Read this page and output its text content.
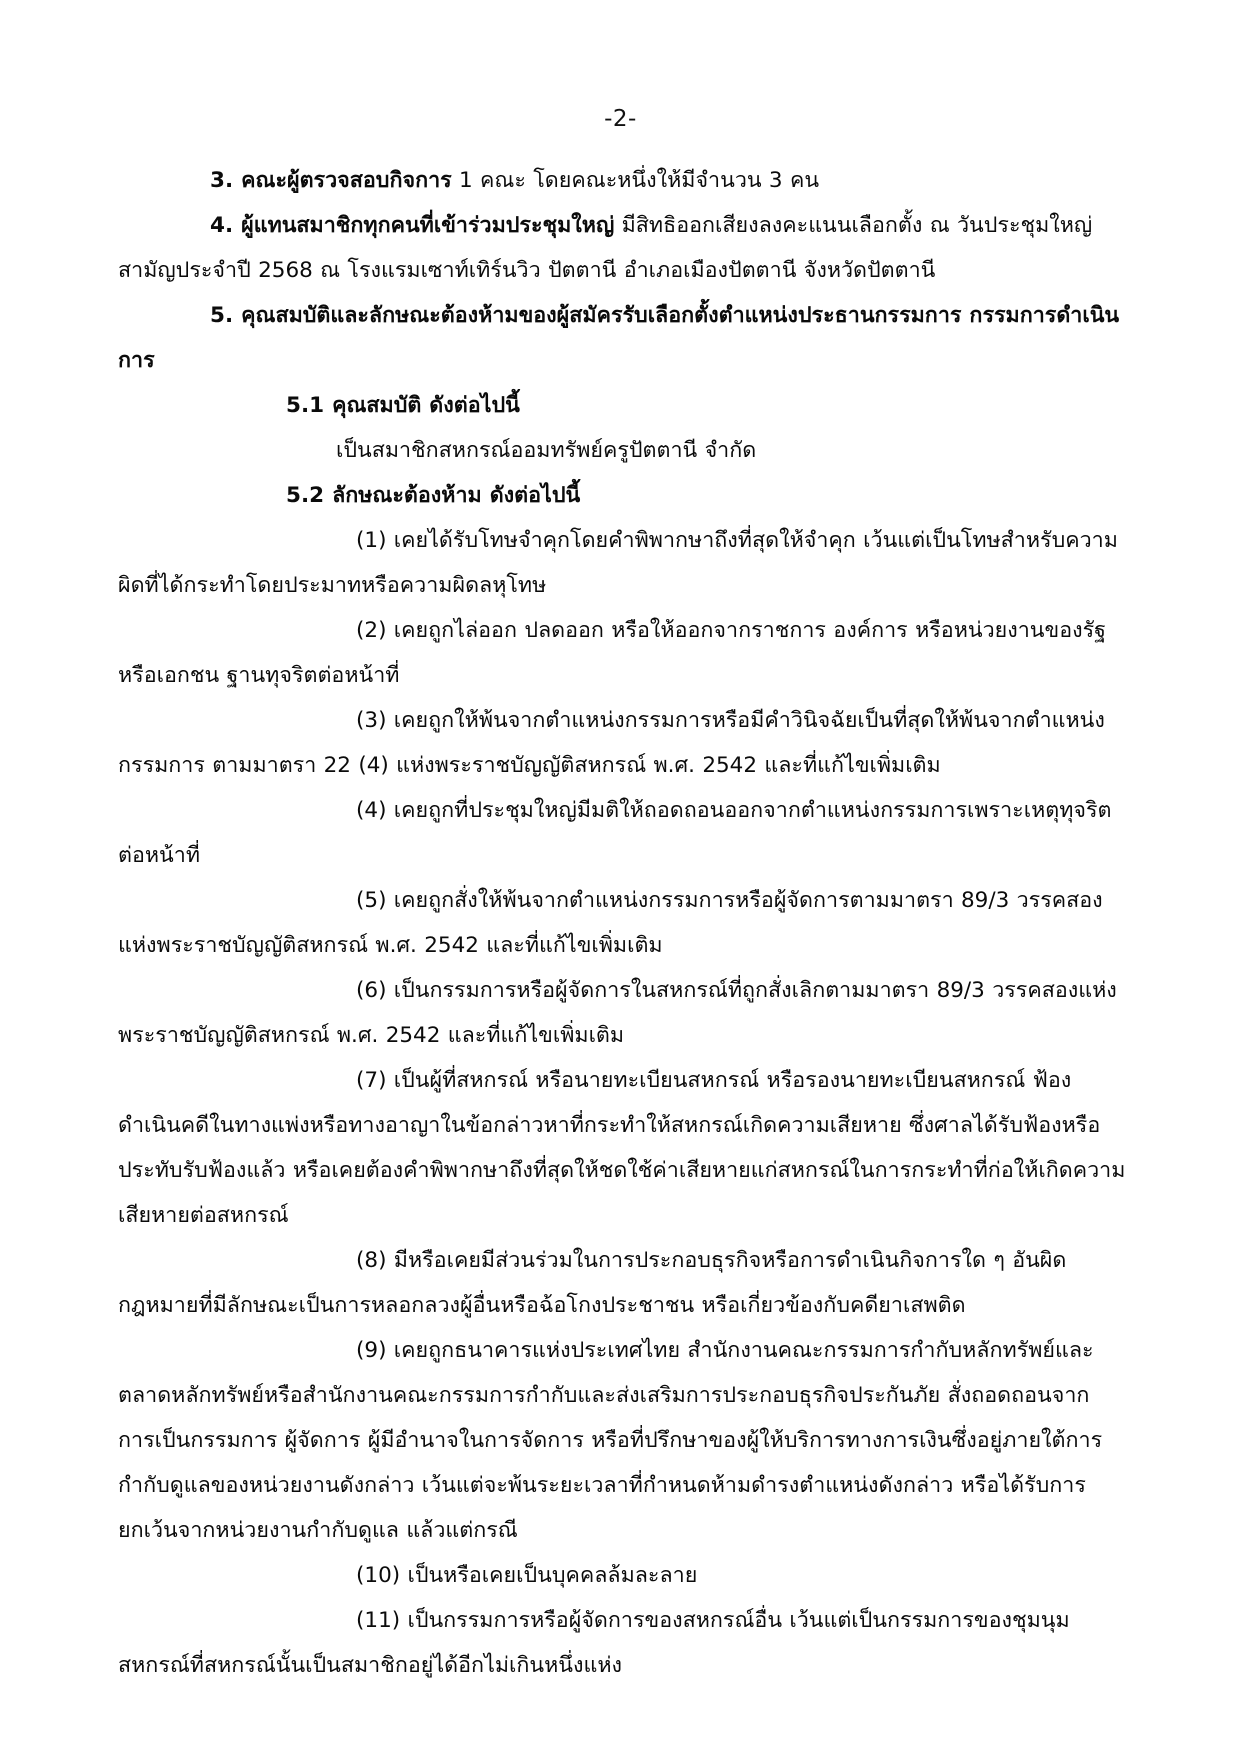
-2-

3. คณะผู้ตรวจสอบกิจการ 1 คณะ โดยคณะหนึ่งให้มีจำนวน 3 คน

4. ผู้แทนสมาชิกทุกคนที่เข้าร่วมประชุมใหญ่ มีสิทธิออกเสียงลงคะแนนเลือกตั้ง ณ วันประชุมใหญ่สามัญประจำปี 2568 ณ โรงแรมเซาท์เทิร์นวิว ปัตตานี อำเภอเมืองปัตตานี จังหวัดปัตตานี

5. คุณสมบัติและลักษณะต้องห้ามของผู้สมัครรับเลือกตั้งตำแหน่งประธานกรรมการ กรรมการดำเนินการ

5.1 คุณสมบัติ ดังต่อไปนี้

เป็นสมาชิกสหกรณ์ออมทรัพย์ครูปัตตานี จำกัด

5.2 ลักษณะต้องห้าม ดังต่อไปนี้

(1) เคยได้รับโทษจำคุกโดยคำพิพากษาถึงที่สุดให้จำคุก เว้นแต่เป็นโทษสำหรับความผิดที่ได้กระทำโดยประมาทหรือความผิดลหุโทษ

(2) เคยถูกไล่ออก ปลดออก หรือให้ออกจากราชการ องค์การ หรือหน่วยงานของรัฐหรือเอกชน ฐานทุจริตต่อหน้าที่

(3) เคยถูกให้พ้นจากตำแหน่งกรรมการหรือมีคำวินิจฉัยเป็นที่สุดให้พ้นจากตำแหน่งกรรมการ ตามมาตรา 22 (4) แห่งพระราชบัญญัติสหกรณ์ พ.ศ. 2542 และที่แก้ไขเพิ่มเติม

(4) เคยถูกที่ประชุมใหญ่มีมติให้ถอดถอนออกจากตำแหน่งกรรมการเพราะเหตุทุจริตต่อหน้าที่

(5) เคยถูกสั่งให้พ้นจากตำแหน่งกรรมการหรือผู้จัดการตามมาตรา 89/3 วรรคสองแห่งพระราชบัญญัติสหกรณ์ พ.ศ. 2542 และที่แก้ไขเพิ่มเติม

(6) เป็นกรรมการหรือผู้จัดการในสหกรณ์ที่ถูกสั่งเลิกตามมาตรา 89/3 วรรคสองแห่งพระราชบัญญัติสหกรณ์ พ.ศ. 2542 และที่แก้ไขเพิ่มเติม

(7) เป็นผู้ที่สหกรณ์ หรือนายทะเบียนสหกรณ์ หรือรองนายทะเบียนสหกรณ์ ฟ้องดำเนินคดีในทางแพ่งหรือทางอาญาในข้อกล่าวหาที่กระทำให้สหกรณ์เกิดความเสียหาย ซึ่งศาลได้รับฟ้องหรือประทับรับฟ้องแล้ว หรือเคยต้องคำพิพากษาถึงที่สุดให้ชดใช้ค่าเสียหายแก่สหกรณ์ในการกระทำที่ก่อให้เกิดความเสียหายต่อสหกรณ์

(8) มีหรือเคยมีส่วนร่วมในการประกอบธุรกิจหรือการดำเนินกิจการใด ๆ อันผิดกฎหมายที่มีลักษณะเป็นการหลอกลวงผู้อื่นหรือฉ้อโกงประชาชน หรือเกี่ยวข้องกับคดียาเสพติด

(9) เคยถูกธนาคารแห่งประเทศไทย สำนักงานคณะกรรมการกำกับหลักทรัพย์และตลาดหลักทรัพย์หรือสำนักงานคณะกรรมการกำกับและส่งเสริมการประกอบธุรกิจประกันภัย สั่งถอดถอนจากการเป็นกรรมการ ผู้จัดการ ผู้มีอำนาจในการจัดการ หรือที่ปรึกษาของผู้ให้บริการทางการเงินซึ่งอยู่ภายใต้การกำกับดูแลของหน่วยงานดังกล่าว เว้นแต่จะพ้นระยะเวลาที่กำหนดห้ามดำรงตำแหน่งดังกล่าว หรือได้รับการยกเว้นจากหน่วยงานกำกับดูแล แล้วแต่กรณี

(10) เป็นหรือเคยเป็นบุคคลล้มละลาย

(11) เป็นกรรมการหรือผู้จัดการของสหกรณ์อื่น เว้นแต่เป็นกรรมการของชุมนุมสหกรณ์ที่สหกรณ์นั้นเป็นสมาชิกอยู่ได้อีกไม่เกินหนึ่งแห่ง
